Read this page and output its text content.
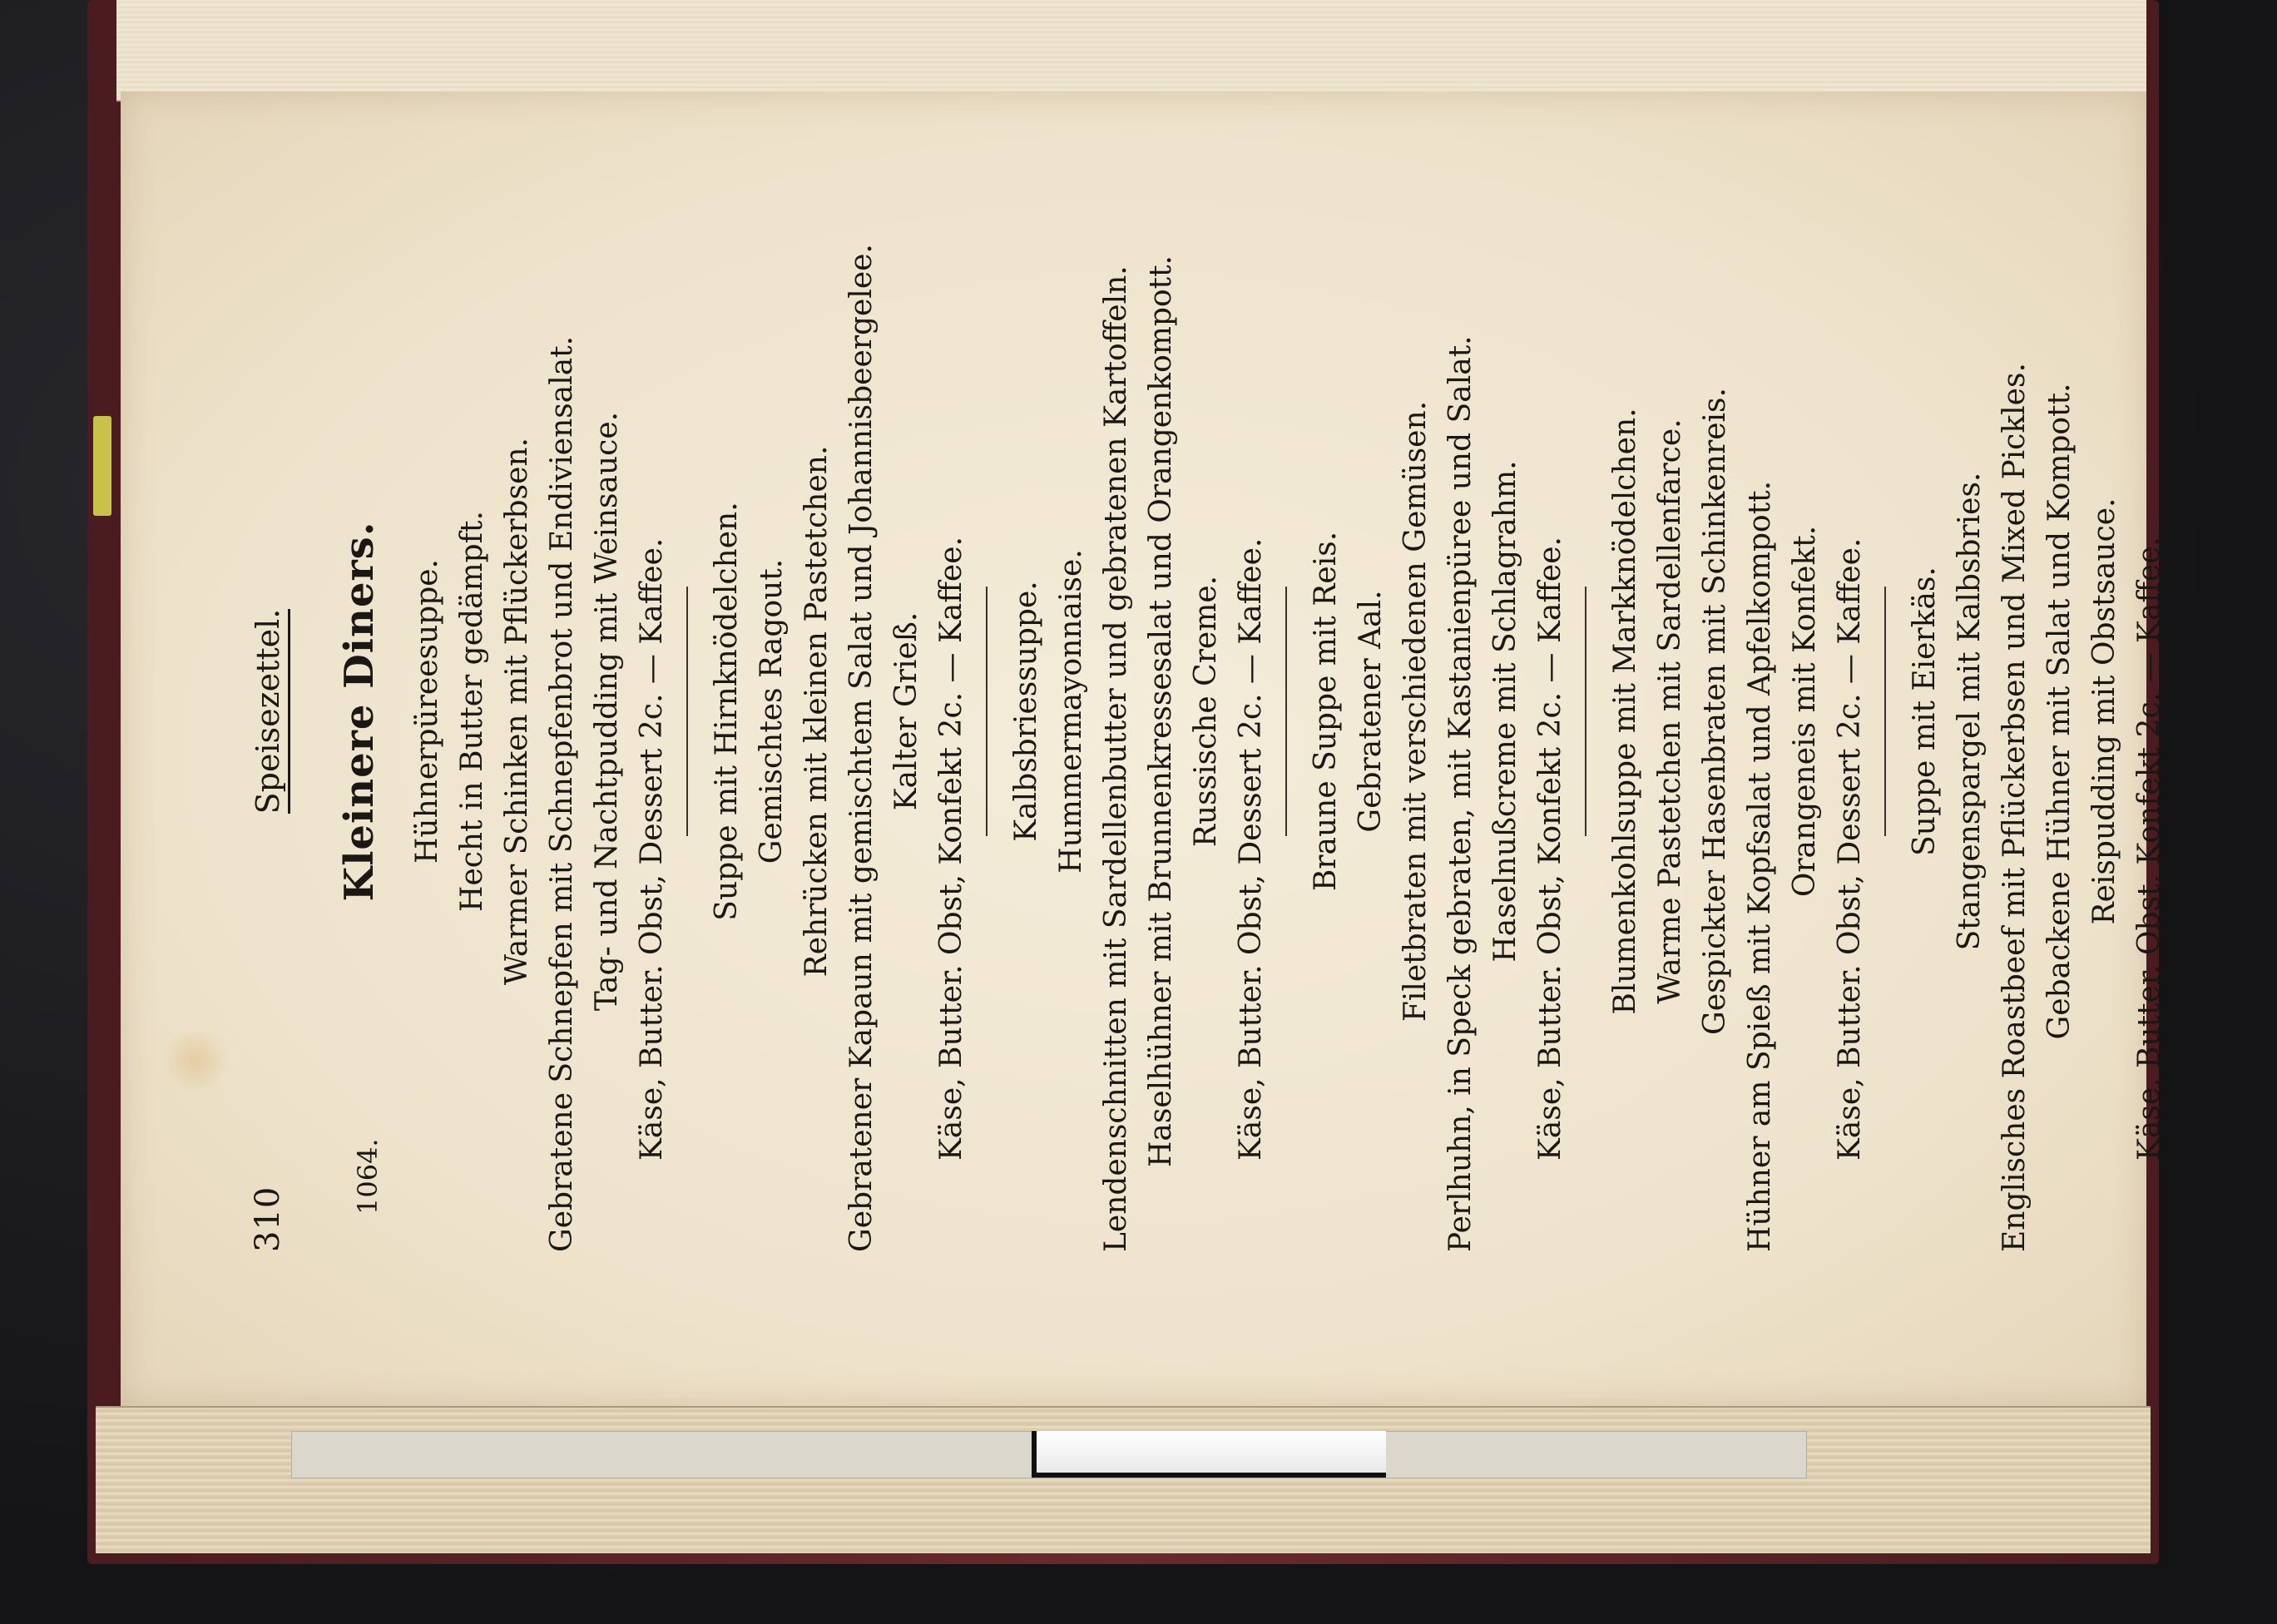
310
Speisezettel.
1064.
Kleinere Diners. Hühnerpüreesuppe. Hecht in Butter gedämpft. Warmer Schinken mit Pflückerbsen. Gebratene Schnepfen mit Schnepfenbrot und Endiviensalat. Tag- und Nachtpudding mit Weinsauce. Käse, Butter. Obst, Dessert 2c. — Kaffee. Suppe mit Hirnknödelchen. Gemischtes Ragout. Rehrücken mit kleinen Pastetchen. Gebratener Kapaun mit gemischtem Salat und Johannisbeergelee. Kalter Grieß. Käse, Butter. Obst, Konfekt 2c. — Kaffee. Kalbsbriessuppe. Hummermayonnaise. Lendenschnitten mit Sardellenbutter und gebratenen Kartoffeln. Haselhühner mit Brunnenkressesalat und Orangenkompott. Russische Creme. Käse, Butter. Obst, Dessert 2c. — Kaffee. Braune Suppe mit Reis. Gebratener Aal. Filetbraten mit verschiedenen Gemüsen. Perlhuhn, in Speck gebraten, mit Kastanienpüree und Salat. Haselnußcreme mit Schlagrahm. Käse, Butter. Obst, Konfekt 2c. — Kaffee. Blumenkohlsuppe mit Markknödelchen. Warme Pastetchen mit Sardellenfarce. Gespickter Hasenbraten mit Schinkenreis. Hühner am Spieß mit Kopfsalat und Apfelkompott. Orangeneis mit Konfekt. Käse, Butter. Obst, Dessert 2c. — Kaffee. Suppe mit Eierkäs. Stangenspargel mit Kalbsbries. Englisches Roastbeef mit Pflückerbsen und Mixed Pickles. Gebackene Hühner mit Salat und Kompott. Reispudding mit Obstsauce. Käse, Butter. Obst, Konfekt 2c. — Kaffee.
